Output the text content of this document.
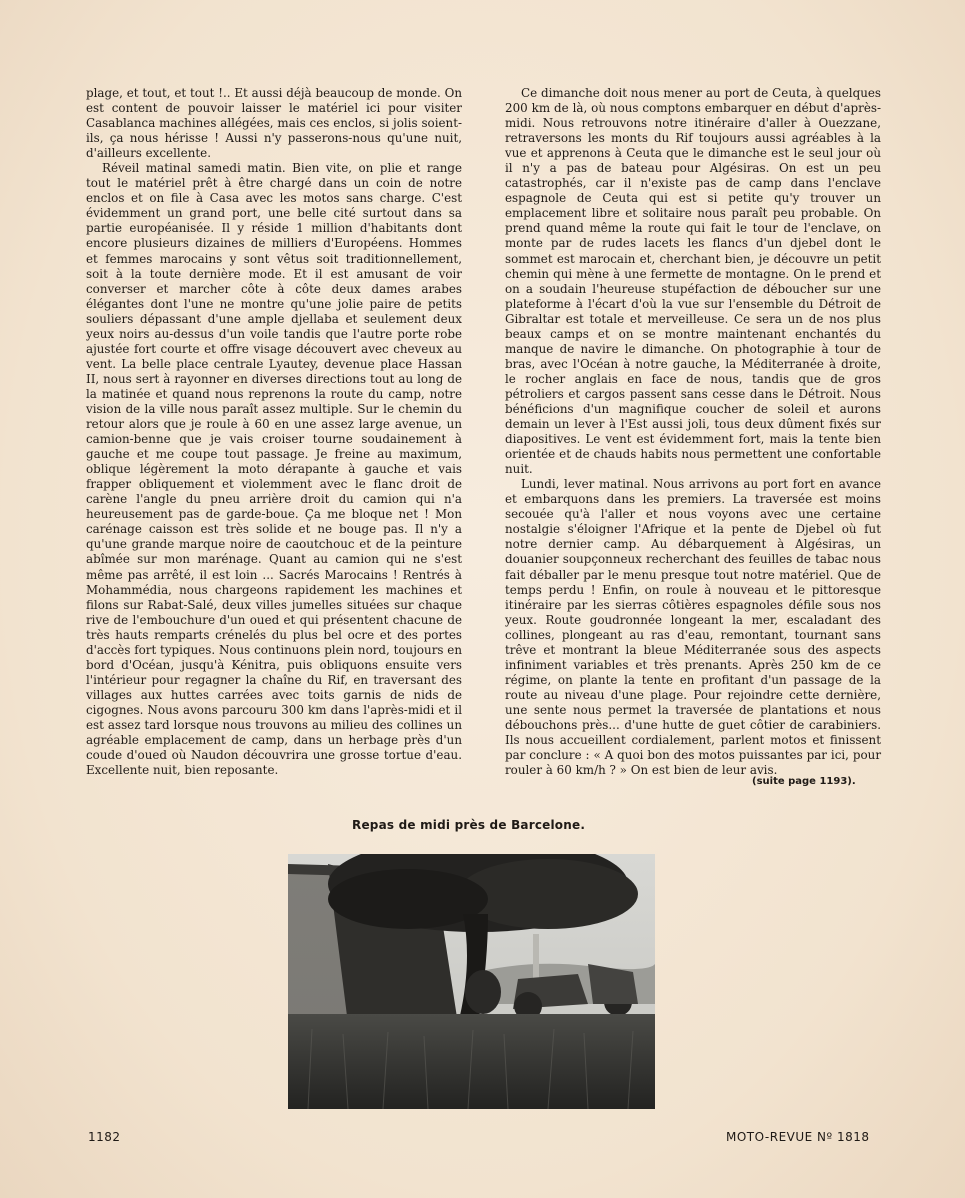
plage, et tout, et tout !.. Et aussi déjà beaucoup de monde. On est content de pouvoir laisser le matériel ici pour visiter Casablanca machines allégées, mais ces enclos, si jolis soient-ils, ça nous hérisse ! Aussi n'y passerons-nous qu'une nuit, d'ailleurs excellente.

Réveil matinal samedi matin. Bien vite, on plie et range tout le matériel prêt à être chargé dans un coin de notre enclos et on file à Casa avec les motos sans charge. C'est évidemment un grand port, une belle cité surtout dans sa partie européanisée. Il y réside 1 million d'habitants dont encore plusieurs dizaines de milliers d'Européens. Hommes et femmes marocains y sont vêtus soit traditionnellement, soit à la toute dernière mode. Et il est amusant de voir converser et marcher côte à côte deux dames arabes élégantes dont l'une ne montre qu'une jolie paire de petits souliers dépassant d'une ample djellaba et seulement deux yeux noirs au-dessus d'un voile tandis que l'autre porte robe ajustée fort courte et offre visage découvert avec cheveux au vent. La belle place centrale Lyautey, devenue place Hassan II, nous sert à rayonner en diverses directions tout au long de la matinée et quand nous reprenons la route du camp, notre vision de la ville nous paraît assez multiple. Sur le chemin du retour alors que je roule à 60 en une assez large avenue, un camion-benne que je vais croiser tourne soudainement à gauche et me coupe tout passage. Je freine au maximum, oblique légèrement la moto dérapante à gauche et vais frapper obliquement et violemment avec le flanc droit de carène l'angle du pneu arrière droit du camion qui n'a heureusement pas de garde-boue. Ça me bloque net ! Mon carénage caisson est très solide et ne bouge pas. Il n'y a qu'une grande marque noire de caoutchouc et de la peinture abîmée sur mon marénage. Quant au camion qui ne s'est même pas arrêté, il est loin ... Sacrés Marocains ! Rentrés à Mohammédia, nous chargeons rapidement les machines et filons sur Rabat-Salé, deux villes jumelles situées sur chaque rive de l'embouchure d'un oued et qui présentent chacune de très hauts remparts crénelés du plus bel ocre et des portes d'accès fort typiques. Nous continuons plein nord, toujours en bord d'Océan, jusqu'à Kénitra, puis obliquons ensuite vers l'intérieur pour regagner la chaîne du Rif, en traversant des villages aux huttes carrées avec toits garnis de nids de cigognes. Nous avons parcouru 300 km dans l'après-midi et il est assez tard lorsque nous trouvons au milieu des collines un agréable emplacement de camp, dans un herbage près d'un coude d'oued où Naudon découvrira une grosse tortue d'eau. Excellente nuit, bien reposante.

Ce dimanche doit nous mener au port de Ceuta, à quelques 200 km de là, où nous comptons embarquer en début d'après-midi. Nous retrouvons notre itinéraire d'aller à Ouezzane, retraversons les monts du Rif toujours aussi agréables à la vue et apprenons à Ceuta que le dimanche est le seul jour où il n'y a pas de bateau pour Algésiras. On est un peu catastrophés, car il n'existe pas de camp dans l'enclave espagnole de Ceuta qui est si petite qu'y trouver un emplacement libre et solitaire nous paraît peu probable. On prend quand même la route qui fait le tour de l'enclave, on monte par de rudes lacets les flancs d'un djebel dont le sommet est marocain et, cherchant bien, je découvre un petit chemin qui mène à une fermette de montagne. On le prend et on a soudain l'heureuse stupéfaction de déboucher sur une plateforme à l'écart d'où la vue sur l'ensemble du Détroit de Gibraltar est totale et merveilleuse. Ce sera un de nos plus beaux camps et on se montre maintenant enchantés du manque de navire le dimanche. On photographie à tour de bras, avec l'Océan à notre gauche, la Méditerranée à droite, le rocher anglais en face de nous, tandis que de gros pétroliers et cargos passent sans cesse dans le Détroit. Nous bénéficions d'un magnifique coucher de soleil et aurons demain un lever à l'Est aussi joli, tous deux dûment fixés sur diapositives. Le vent est évidemment fort, mais la tente bien orientée et de chauds habits nous permettent une confortable nuit.

Lundi, lever matinal. Nous arrivons au port fort en avance et embarquons dans les premiers. La traversée est moins secouée qu'à l'aller et nous voyons avec une certaine nostalgie s'éloigner l'Afrique et la pente de Djebel où fut notre dernier camp. Au débarquement à Algésiras, un douanier soupçonneux recherchant des feuilles de tabac nous fait déballer par le menu presque tout notre matériel. Que de temps perdu ! Enfin, on roule à nouveau et le pittoresque itinéraire par les sierras côtières espagnoles défile sous nos yeux. Route goudronnée longeant la mer, escaladant des collines, plongeant au ras d'eau, remontant, tournant sans trêve et montrant la bleue Méditerranée sous des aspects infiniment variables et très prenants. Après 250 km de ce régime, on plante la tente en profitant d'un passage de la route au niveau d'une plage. Pour rejoindre cette dernière, une sente nous permet la traversée de plantations et nous débouchons près... d'une hutte de guet côtier de carabiniers. Ils nous accueillent cordialement, parlent motos et finissent par conclure : « A quoi bon des motos puissantes par ici, pour rouler à 60 km/h ? » On est bien de leur avis.

(suite page 1193).
Repas de midi près de Barcelone.
1182	MOTO-REVUE Nº 1818
